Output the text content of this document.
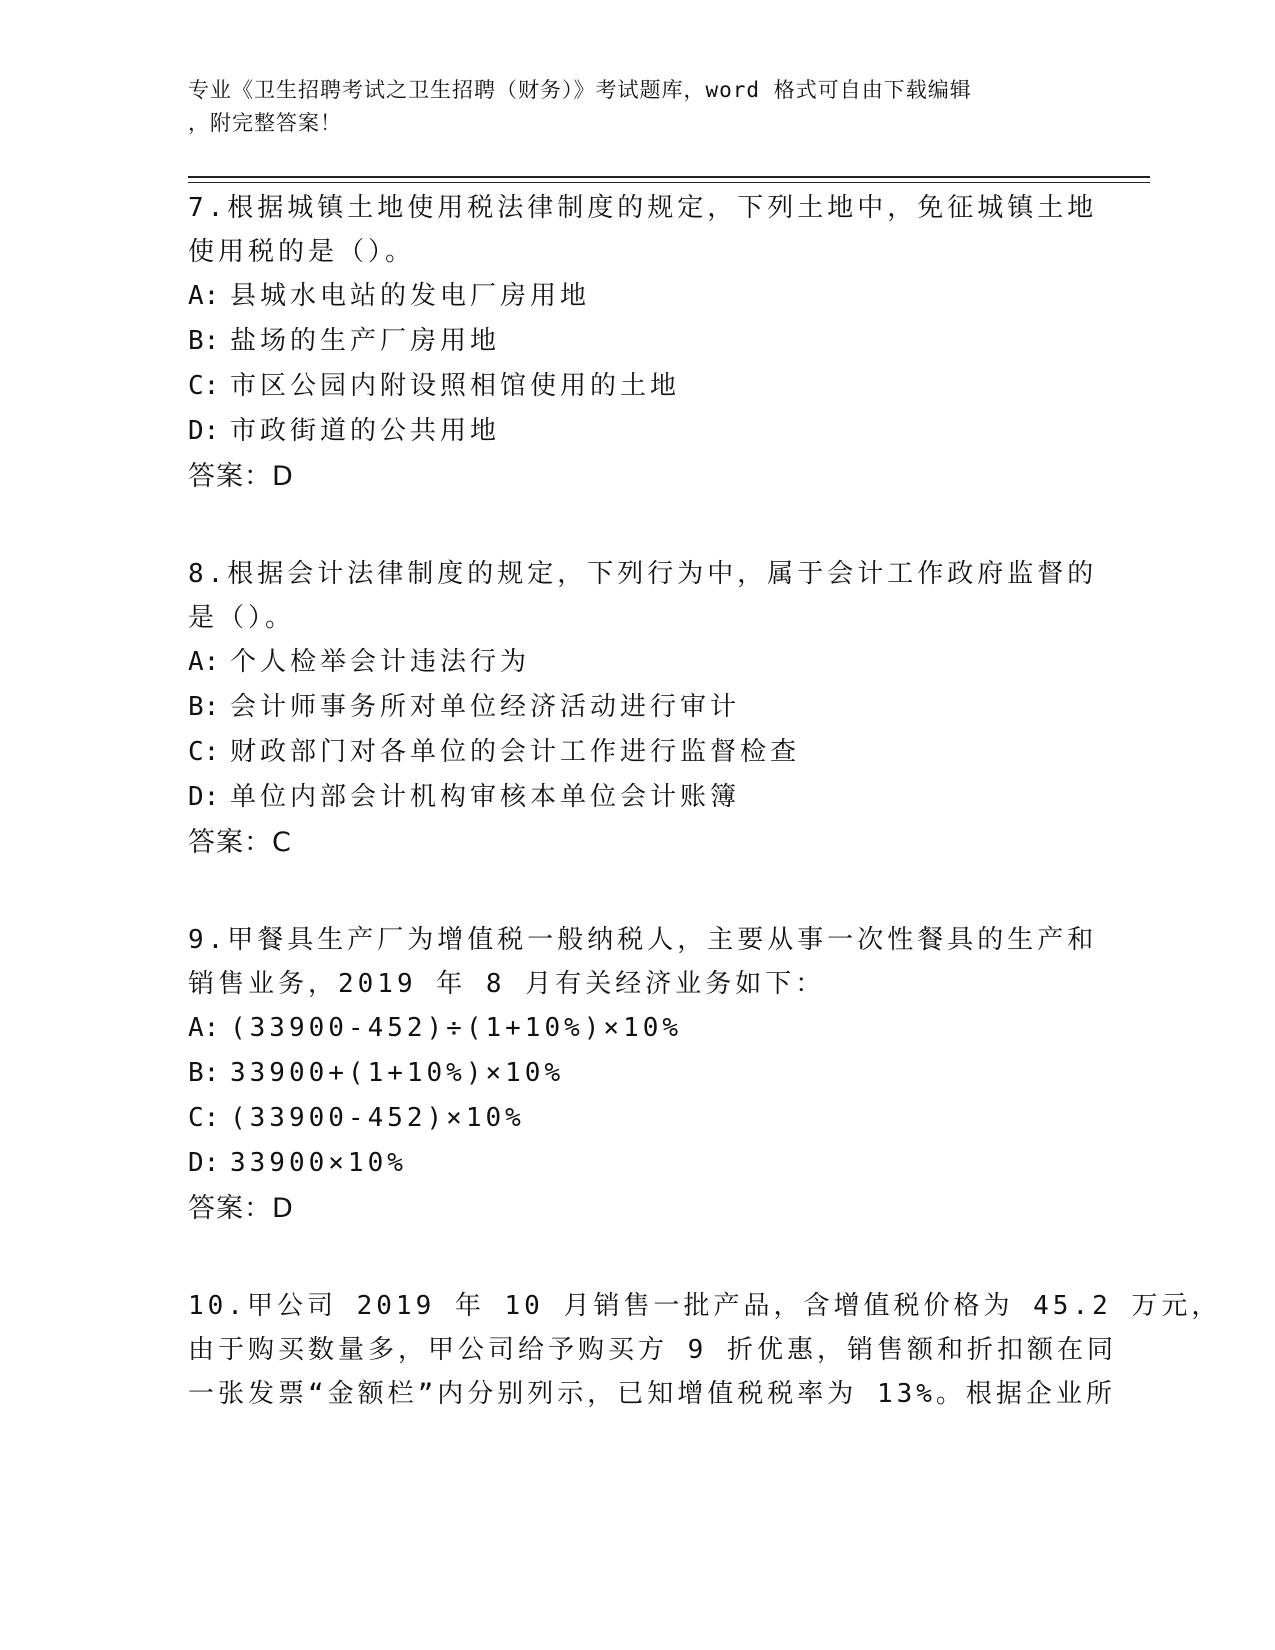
专业《卫生招聘考试之卫生招聘（财务）》考试题库，word 格式可自由下载编辑
，附完整答案！
7.根据城镇土地使用税法律制度的规定，下列土地中，免征城镇土地
使用税的是（）。
A: 县城水电站的发电厂房用地
B: 盐场的生产厂房用地
C: 市区公园内附设照相馆使用的土地
D: 市政街道的公共用地
答案：D
8.根据会计法律制度的规定，下列行为中，属于会计工作政府监督的
是（）。
A: 个人检举会计违法行为
B: 会计师事务所对单位经济活动进行审计
C: 财政部门对各单位的会计工作进行监督检查
D: 单位内部会计机构审核本单位会计账簿
答案：C
9.甲餐具生产厂为增值税一般纳税人，主要从事一次性餐具的生产和
销售业务，2019 年 8 月有关经济业务如下：
A: (33900-452)÷(1+10%)×10%
B: 33900+(1+10%)×10%
C: (33900-452)×10%
D: 33900×10%
答案：D
10.甲公司 2019 年 10 月销售一批产品，含增值税价格为 45.2 万元，
由于购买数量多，甲公司给予购买方 9 折优惠，销售额和折扣额在同
一张发票“金额栏”内分别列示，已知增值税税率为 13%。根据企业所
